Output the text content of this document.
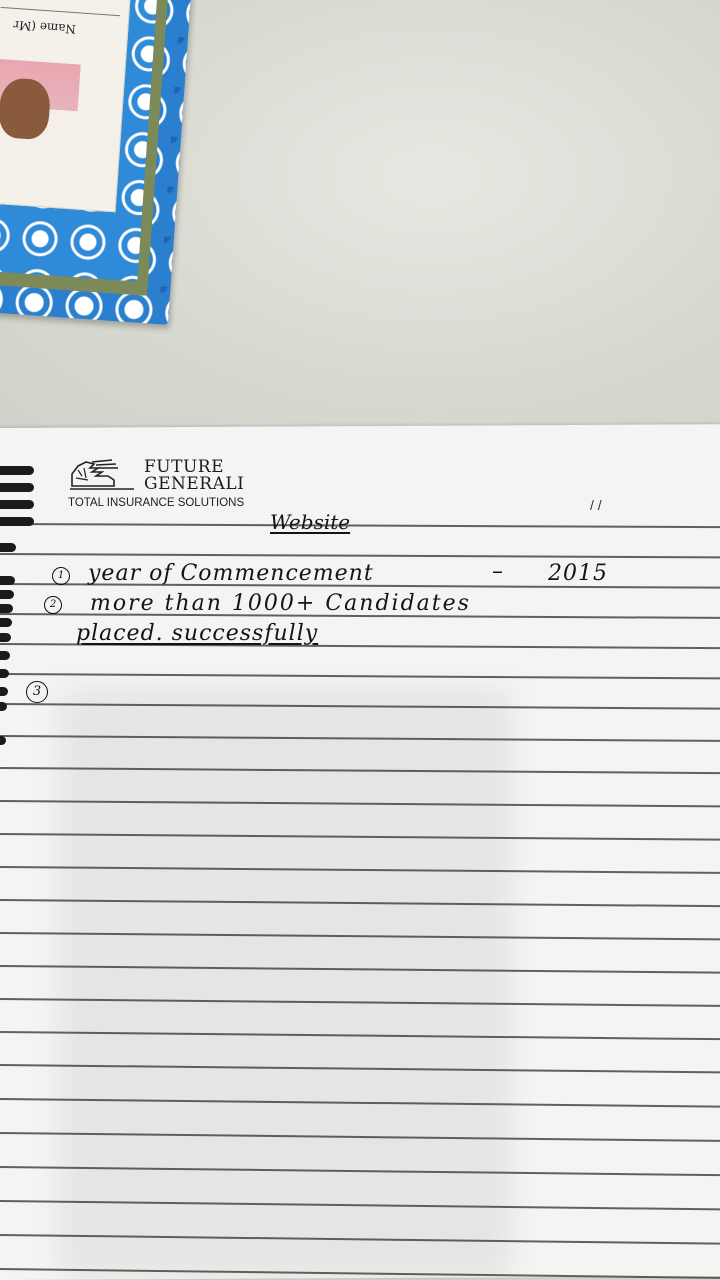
Name (Mr
FUTURE
GENERALI
TOTAL INSURANCE SOLUTIONS	/ /
Website
1 year of Commencement	– 2015
2 more than 1000+ Candidates
placed. successfully
3
